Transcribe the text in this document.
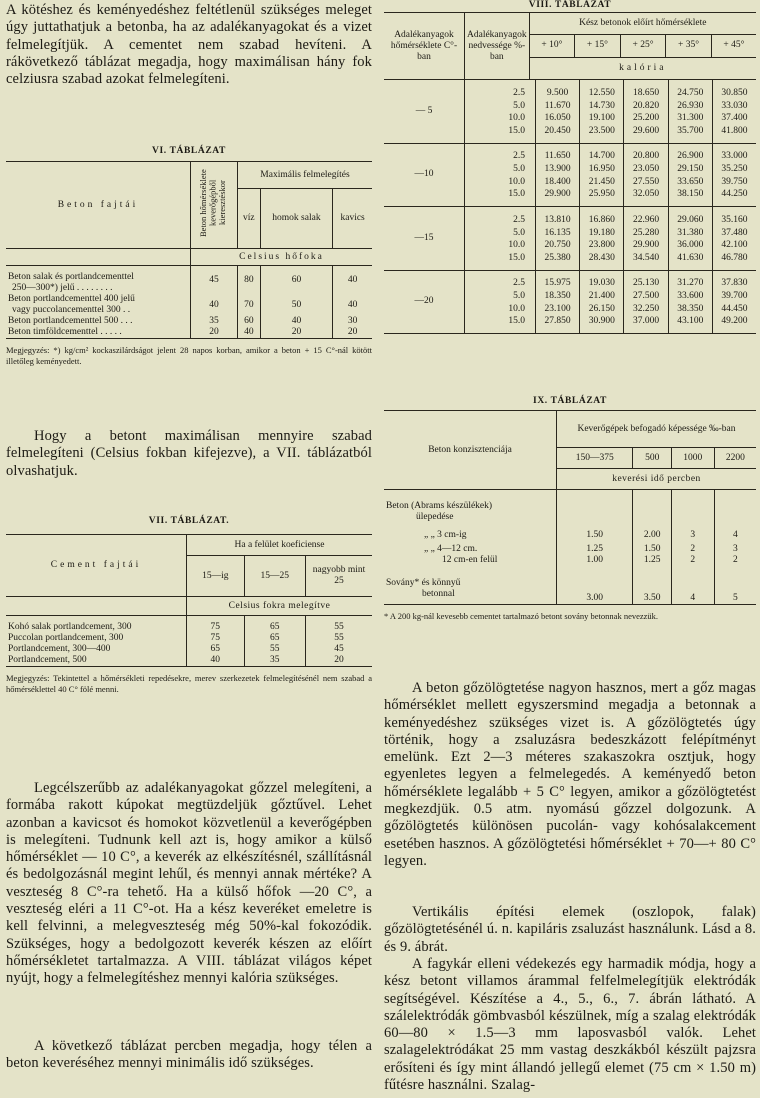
A kötéshez és keményedéshez feltétlenül szükséges meleget úgy juttathatjuk a betonba, ha az adalékanyagokat és a vizet felmelegítjük. A cementet nem szabad hevíteni. A rákövetkező táblázat megadja, hogy maximálisan hány fok celziusra szabad azokat felmelegíteni.

VI. TÁBLÁZAT

Beton fajtái	Beton hőmérséklete keverőgépből kieresztéskor	Maximális felmelegítés		
		víz	homok salak	kavics
	Celsius hőfoka			

Beton salak és portlandcementtel
250—300*) jelű . . . . . . . .	45	80	60	40

Beton portlandcementtel 400 jelű
vagy puccolancementtel 300 . .	40	70	50	40
Beton portlandcementtel 500 . . .	35	60	40	30
Beton timföldcementtel . . . . .	20	40	20	20

Megjegyzés: *) kg/cm² kockaszilárdságot jelent 28 napos korban, amikor a beton + 15 C°-nál kötött illetőleg keményedett.

Hogy a betont maximálisan mennyire szabad felmelegíteni (Celsius fokban kifejezve), a VII. táblázatból olvashatjuk.

VII. TÁBLÁZAT.

Cement fajtái	Ha a felület koeficiense		
	15—ig	15—25	nagyobb mint 25
	Celsius fokra melegítve		
Kohó salak portlandcement, 300	75	65	55
Puccolan portlandcement, 300	75	65	55
Portlandcement, 300—400	65	55	45
Portlandcement, 500	40	35	20

Megjegyzés: Tekintettel a hőmérsékleti repedésekre, merev szerkezetek felmelegítésénél nem szabad a hőmérséklettel 40 C° fölé menni.

Legcélszerűbb az adalékanyagokat gőzzel melegíteni, a formába rakott kúpokat megtüzdeljük gőztűvel. Lehet azonban a kavicsot és homokot közvetlenül a keverőgépben is melegíteni. Tudnunk kell azt is, hogy amikor a külső hőmérséklet — 10 C°, a keverék az elkészítésnél, szállításnál és bedolgozásnál megint lehűl, és mennyi annak mértéke? A veszteség 8 C°-ra tehető. Ha a külső hőfok —20 C°, a veszteség eléri a 11 C°-ot. Ha a kész keveréket emeletre is kell felvinni, a melegveszteség még 50%-kal fokozódik. Szükséges, hogy a bedolgozott keverék készen az előírt hőmérsékletet tartalmazza. A VIII. táblázat világos képet nyújt, hogy a felmelegítéshez mennyi kalória szükséges.

A következő táblázat percben megadja, hogy télen a beton keveréséhez mennyi minimális idő szükséges.

VIII. TÁBLÁZAT

Adalékanyagok hőmérséklete C°-ban	Adalékanyagok nedvessége %-ban	Kész betonok előírt hőmérséklete				
		+ 10°	+ 15°	+ 25°	+ 35°	+ 45°
		kalória				
— 5	2.5	9.500	12.550	18.650	24.750	30.850
	5.0	11.670	14.730	20.820	26.930	33.030
	10.0	16.050	19.100	25.200	31.300	37.400
	15.0	20.450	23.500	29.600	35.700	41.800
—10	2.5	11.650	14.700	20.800	26.900	33.000
	5.0	13.900	16.950	23.050	29.150	35.250
	10.0	18.400	21.450	27.550	33.650	39.750
	15.0	29.900	25.950	32.050	38.150	44.250
—15	2.5	13.810	16.860	22.960	29.060	35.160
	5.0	16.135	19.180	25.280	31.380	37.480
	10.0	20.750	23.800	29.900	36.000	42.100
	15.0	25.380	28.430	34.540	41.630	46.780
—20	2.5	15.975	19.030	25.130	31.270	37.830
	5.0	18.350	21.400	27.500	33.600	39.700
	10.0	23.100	26.150	32.250	38.350	44.450
	15.0	27.850	30.900	37.000	43.100	49.200

IX. TÁBLÁZAT

Beton konzisztenciája	Keverőgépek befogadó képessége ‰-ban			
	150—375	500	1000	2200
	keverési idő percben			

Beton (Abrams készülékek)
ülepedése				

„ „ 3 cm-ig	1.50	2.00	3	4
„ „ 4—12 cm.	1.25	1.50	2	3
12 cm-en felül	1.00	1.25	2	2

Sovány* és könnyű
betonnal	3.00	3.50	4	5

* A 200 kg-nál kevesebb cementet tartalmazó betont sovány betonnak nevezzük.

A beton gőzölögtetése nagyon hasznos, mert a gőz magas hőmérséklet mellett egyszersmind megadja a betonnak a keményedéshez szükséges vizet is. A gőzölögtetés úgy történik, hogy a zsaluzásra bedeszkázott felépítményt emelünk. Ezt 2—3 méteres szakaszokra osztjuk, hogy egyenletes legyen a felmelegedés. A keményedő beton hőmérséklete legalább + 5 C° legyen, amikor a gőzölögtetést megkezdjük. 0.5 atm. nyomású gőzzel dolgozunk. A gőzölögtetés különösen pucolán- vagy kohósalakcement esetében hasznos. A gőzölögtetési hőmérséklet + 70—+ 80 C° legyen.

Vertikális építési elemek (oszlopok, falak) gőzölögtetésénél ú. n. kapiláris zsaluzást használunk. Lásd a 8. és 9. ábrát.

A fagykár elleni védekezés egy harmadik módja, hogy a kész betont villamos árammal felfelmelegítjük elektródák segítségével. Készítése a 4., 5., 6., 7. ábrán látható. A szálelektródák gömbvasból készülnek, míg a szalag elektródák 60—80 × 1.5—3 mm laposvasból valók. Lehet szalagelektródákat 25 mm vastag deszkákból készült pajzsra erősíteni és így mint állandó jellegű elemet (75 cm × 1.50 m) fűtésre használni. Szalag-
